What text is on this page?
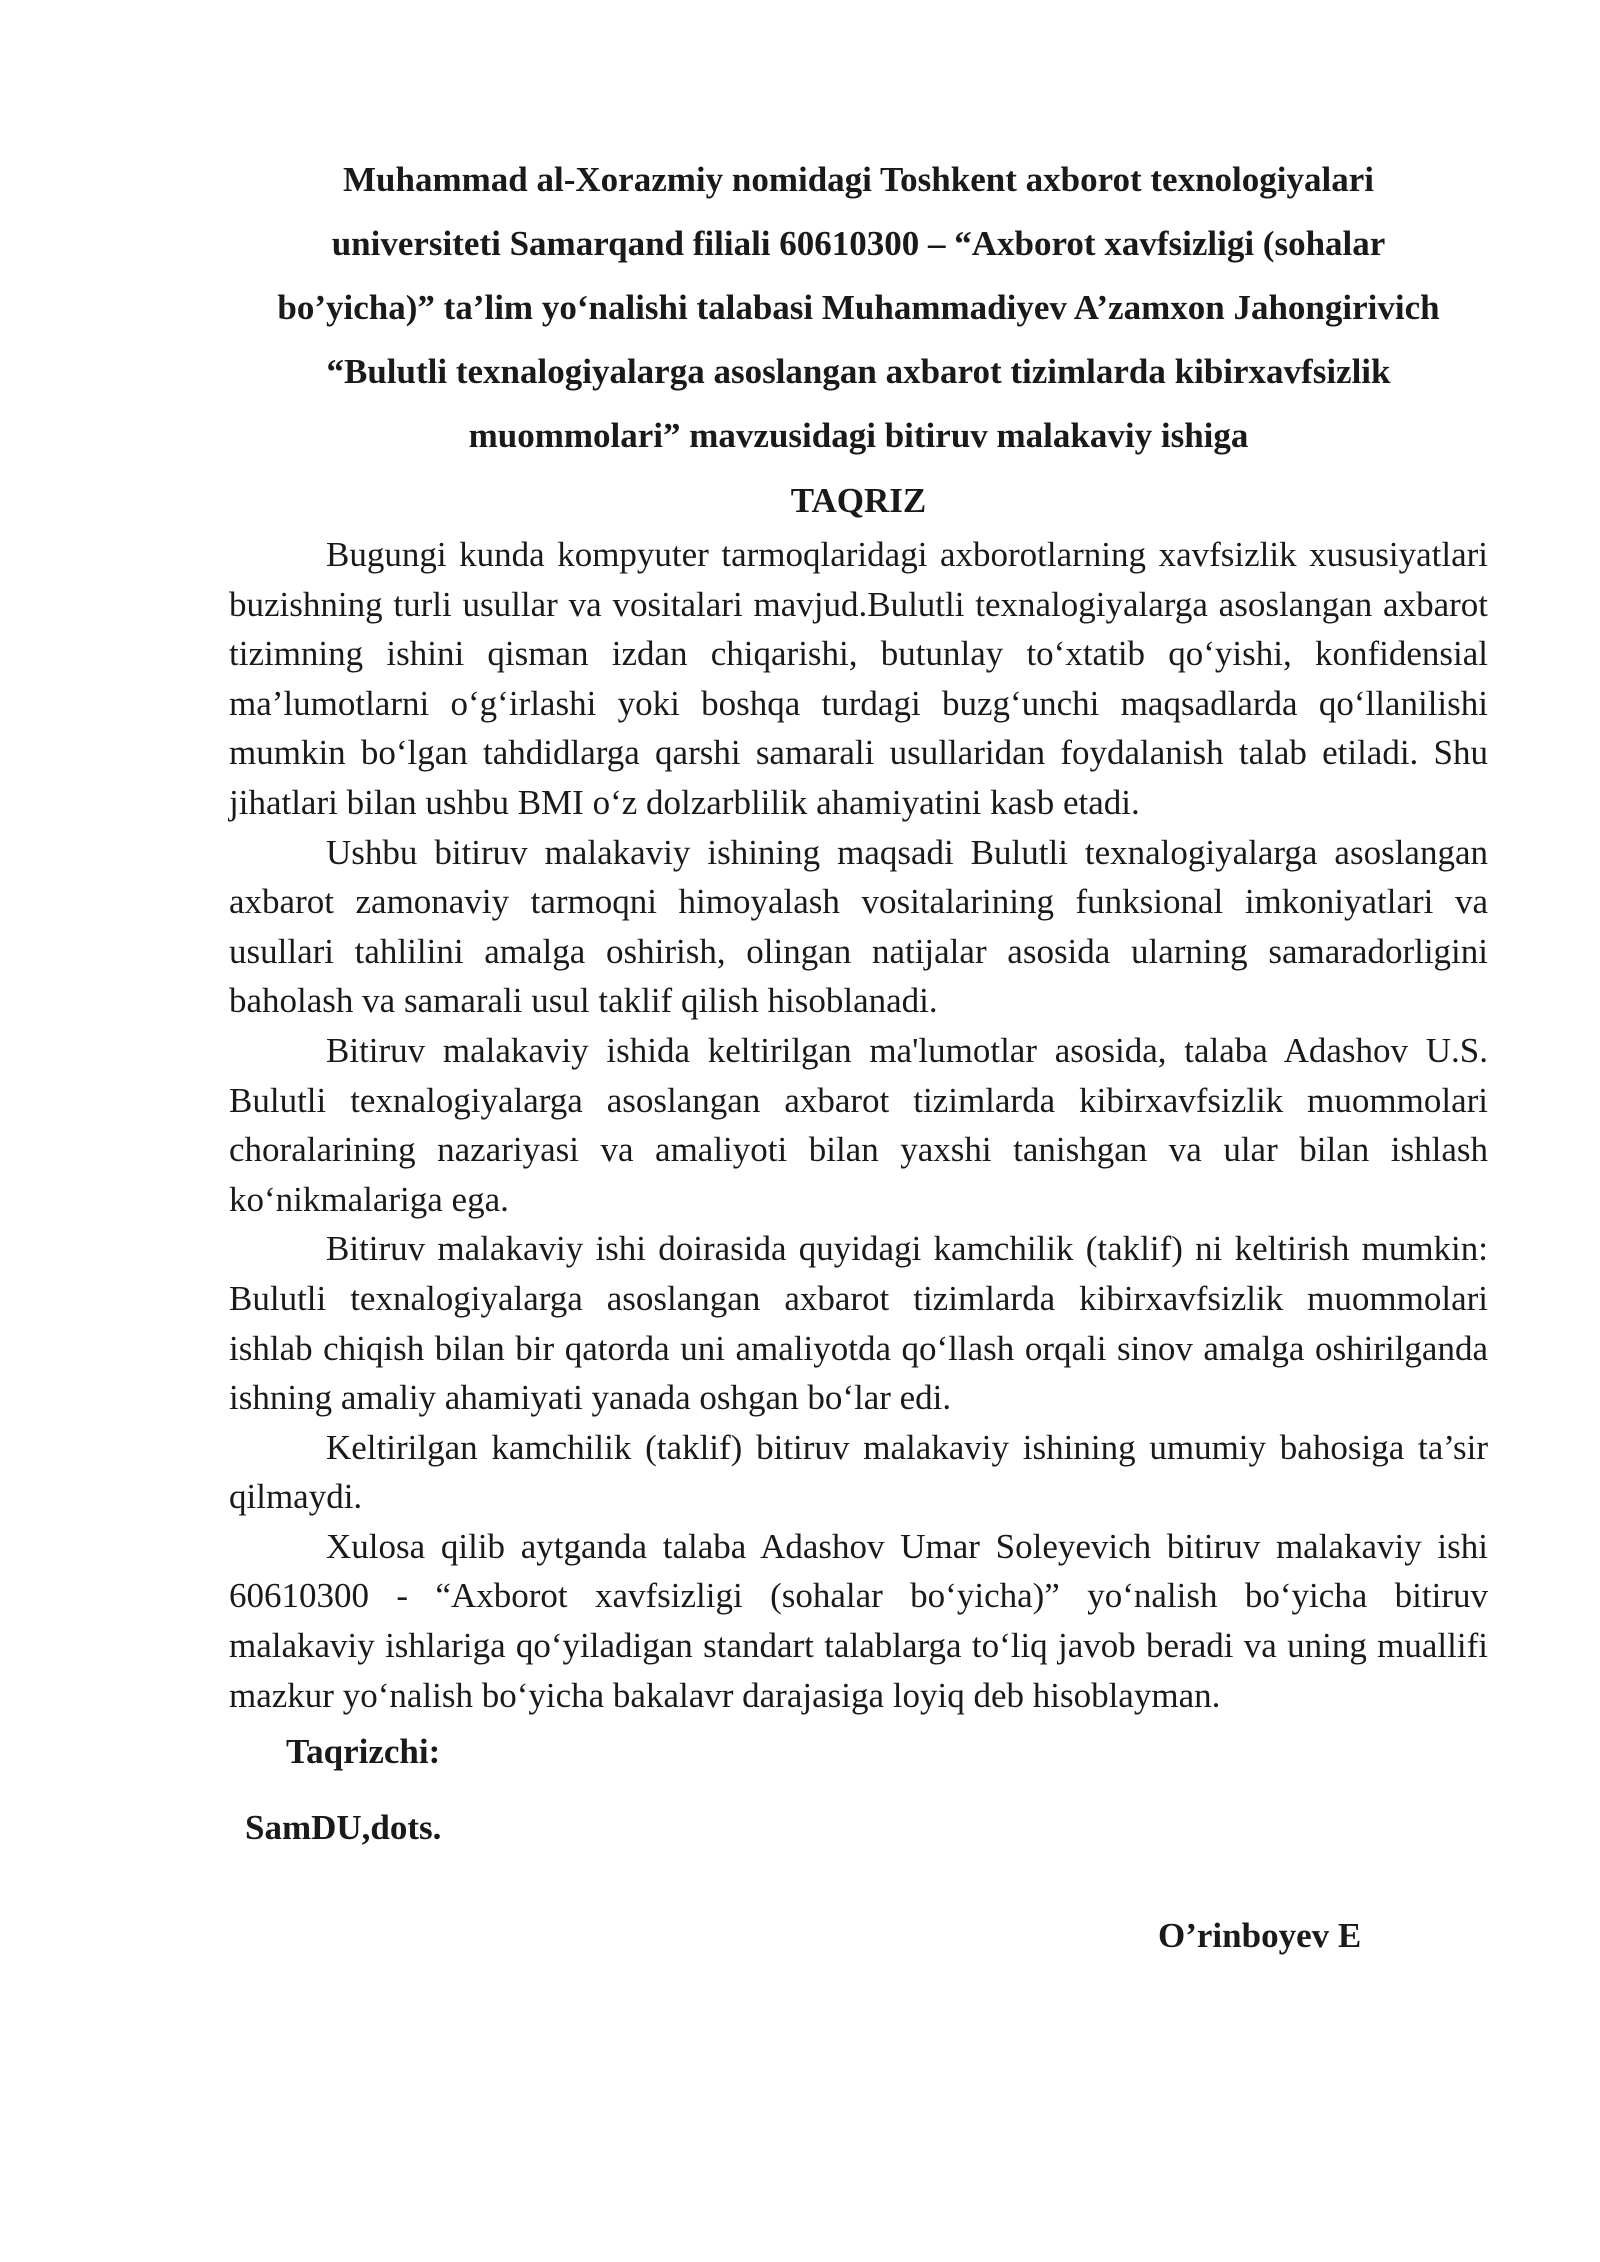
Muhammad al-Xorazmiy nomidagi Toshkent axborot texnologiyalari
universiteti Samarqand filiali 60610300 – “Axborot xavfsizligi (sohalar
bo’yicha)” ta’lim yo‘nalishi talabasi Muhammadiyev A’zamxon Jahongirivich
“Bulutli texnalogiyalarga asoslangan axbarot tizimlarda kibirxavfsizlik
muommolari” mavzusidagi bitiruv malakaviy ishiga
TAQRIZ

Bugungi kunda kompyuter tarmoqlaridagi axborotlarning xavfsizlik xususiyatlari buzishning turli usullar va vositalari mavjud.Bulutli texnalogiyalarga asoslangan axbarot tizimning ishini qisman izdan chiqarishi, butunlay to‘xtatib qo‘yishi, konfidensial ma’lumotlarni o‘g‘irlashi yoki boshqa turdagi buzg‘unchi maqsadlarda qo‘llanilishi mumkin bo‘lgan tahdidlarga qarshi samarali usullaridan foydalanish talab etiladi. Shu jihatlari bilan ushbu BMI o‘z dolzarblilik ahamiyatini kasb etadi.

Ushbu bitiruv malakaviy ishining maqsadi Bulutli texnalogiyalarga asoslangan axbarot zamonaviy tarmoqni himoyalash vositalarining funksional imkoniyatlari va usullari tahlilini amalga oshirish, olingan natijalar asosida ularning samaradorligini baholash va samarali usul taklif qilish hisoblanadi.

Bitiruv malakaviy ishida keltirilgan ma'lumotlar asosida, talaba Adashov U.S. Bulutli texnalogiyalarga asoslangan axbarot tizimlarda kibirxavfsizlik muommolari choralarining nazariyasi va amaliyoti bilan yaxshi tanishgan va ular bilan ishlash ko‘nikmalariga ega.

Bitiruv malakaviy ishi doirasida quyidagi kamchilik (taklif) ni keltirish mumkin: Bulutli texnalogiyalarga asoslangan axbarot tizimlarda kibirxavfsizlik muommolari ishlab chiqish bilan bir qatorda uni amaliyotda qo‘llash orqali sinov amalga oshirilganda ishning amaliy ahamiyati yanada oshgan bo‘lar edi.

Keltirilgan kamchilik (taklif) bitiruv malakaviy ishining umumiy bahosiga ta’sir qilmaydi.

Xulosa qilib aytganda talaba Adashov Umar Soleyevich bitiruv malakaviy ishi 60610300 - “Axborot xavfsizligi (sohalar bo‘yicha)” yo‘nalish bo‘yicha bitiruv malakaviy ishlariga qo‘yiladigan standart talablarga to‘liq javob beradi va uning muallifi mazkur yo‘nalish bo‘yicha bakalavr darajasiga loyiq deb hisoblayman.

Taqrizchi:
SamDU,dots.
O’rinboyev E
